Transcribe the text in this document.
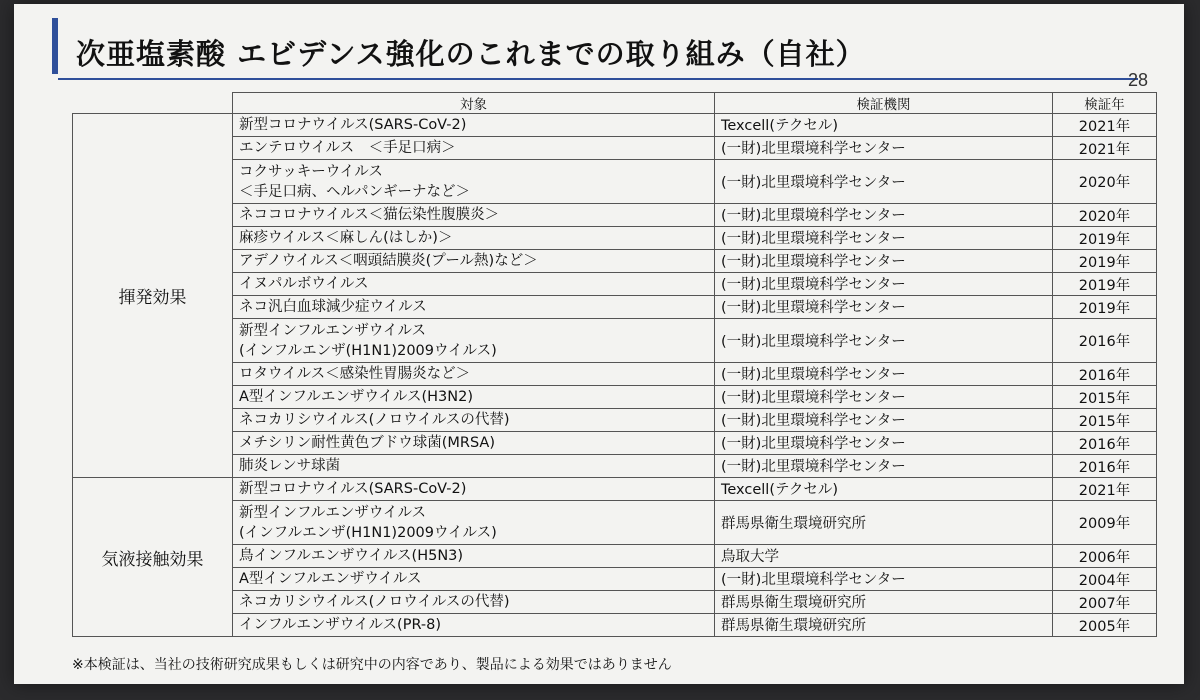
次亜塩素酸 エビデンス強化のこれまでの取り組み（自社）
28
	対象	検証機関	検証年
揮発効果	新型コロナウイルス(SARS-CoV-2)	Texcell(テクセル)	2021年

	エンテロウイルス　＜手足口病＞	(一財)北里環境科学センター	2021年

	コクサッキーウイルス
＜手足口病、ヘルパンギーナなど＞	(一財)北里環境科学センター	2020年

	ネココロナウイルス＜猫伝染性腹膜炎＞	(一財)北里環境科学センター	2020年

	麻疹ウイルス＜麻しん(はしか)＞	(一財)北里環境科学センター	2019年

	アデノウイルス＜咽頭結膜炎(プール熱)など＞	(一財)北里環境科学センター	2019年

	イヌパルボウイルス	(一財)北里環境科学センター	2019年

	ネコ汎白血球減少症ウイルス	(一財)北里環境科学センター	2019年

	新型インフルエンザウイルス
(インフルエンザ(H1N1)2009ウイルス)	(一財)北里環境科学センター	2016年

	ロタウイルス＜感染性胃腸炎など＞	(一財)北里環境科学センター	2016年

	A型インフルエンザウイルス(H3N2)	(一財)北里環境科学センター	2015年

	ネコカリシウイルス(ノロウイルスの代替)	(一財)北里環境科学センター	2015年

	メチシリン耐性黄色ブドウ球菌(MRSA)	(一財)北里環境科学センター	2016年

	肺炎レンサ球菌	(一財)北里環境科学センター	2016年
気液接触効果	新型コロナウイルス(SARS-CoV-2)	Texcell(テクセル)	2021年

	新型インフルエンザウイルス
(インフルエンザ(H1N1)2009ウイルス)	群馬県衛生環境研究所	2009年

	鳥インフルエンザウイルス(H5N3)	鳥取大学	2006年

	A型インフルエンザウイルス	(一財)北里環境科学センター	2004年

	ネコカリシウイルス(ノロウイルスの代替)	群馬県衛生環境研究所	2007年

	インフルエンザウイルス(PR-8)	群馬県衛生環境研究所	2005年
※本検証は、当社の技術研究成果もしくは研究中の内容であり、製品による効果ではありません
